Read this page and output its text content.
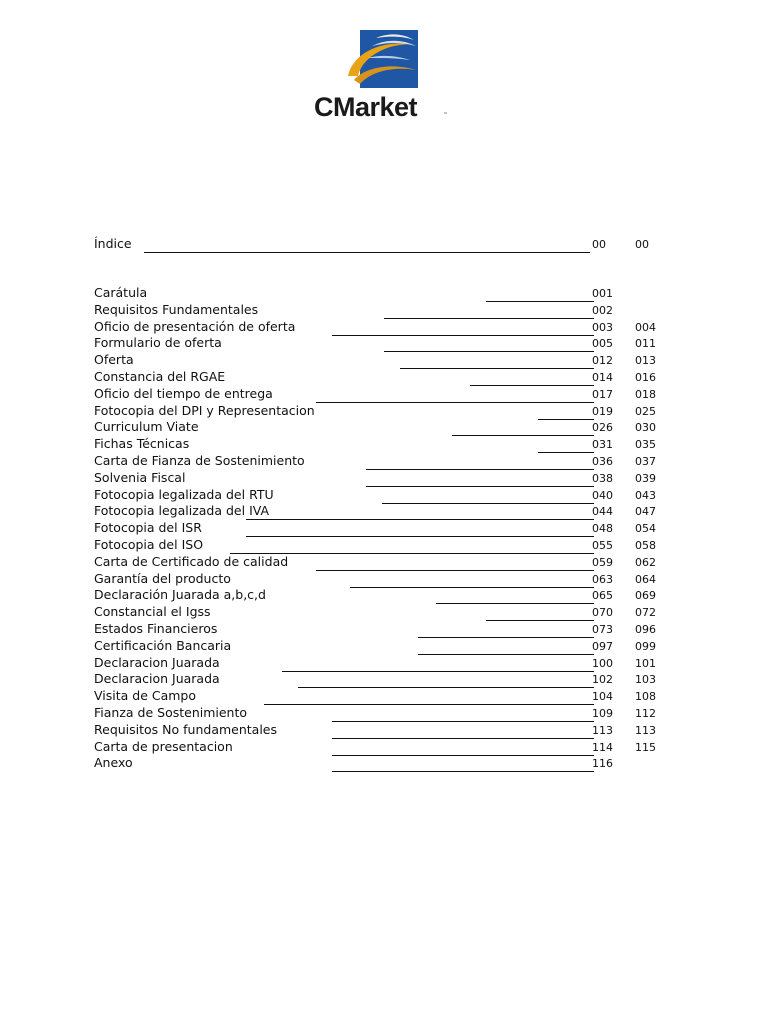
CMarket	™
Índice	00	00
Carátula	001
Requisitos Fundamentales	002
Oficio de presentación de oferta	003 004
Formulario de oferta	005 011
Oferta	012 013
Constancia del RGAE	014 016
Oficio del tiempo de entrega	017 018
Fotocopia del DPI y Representacion	019 025
Curriculum Viate	026 030
Fichas Técnicas	031 035
Carta de Fianza de Sostenimiento	036 037
Solvenia Fiscal	038 039
Fotocopia legalizada del RTU	040 043
Fotocopia legalizada del IVA	044 047
Fotocopia del ISR	048 054
Fotocopia del ISO	055 058
Carta de Certificado de calidad	059 062
Garantía del producto	063 064
Declaración Juarada a,b,c,d	065 069
Constancial el Igss	070 072
Estados Financieros	073 096
Certificación Bancaria	097 099
Declaracion Juarada	100 101
Declaracion Juarada	102 103
Visita de Campo	104 108
Fianza de Sostenimiento	109 112
Requisitos No fundamentales	113 113
Carta de presentacion	114 115
Anexo	116
